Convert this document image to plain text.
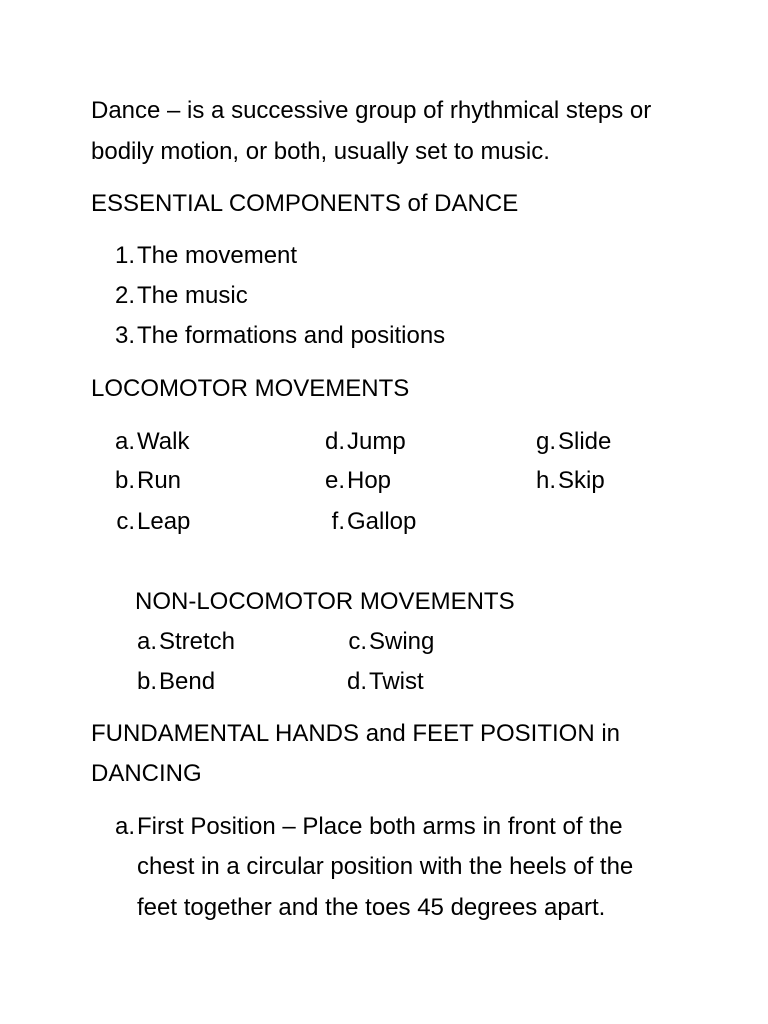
Dance – is a successive group of rhythmical steps or
bodily motion, or both, usually set to music.
ESSENTIAL COMPONENTS of DANCE
1.The movement
2.The music
3.The formations and positions
LOCOMOTOR MOVEMENTS
a.Walk
b.Run
c.Leap
d.Jump
e.Hop
f.Gallop
g.Slide
h.Skip
NON-LOCOMOTOR MOVEMENTS
a.Stretch
b.Bend
c.Swing
d.Twist
FUNDAMENTAL HANDS and FEET POSITION in
DANCING
a.First Position – Place both arms in front of the
chest in a circular position with the heels of the
feet together and the toes 45 degrees apart.
